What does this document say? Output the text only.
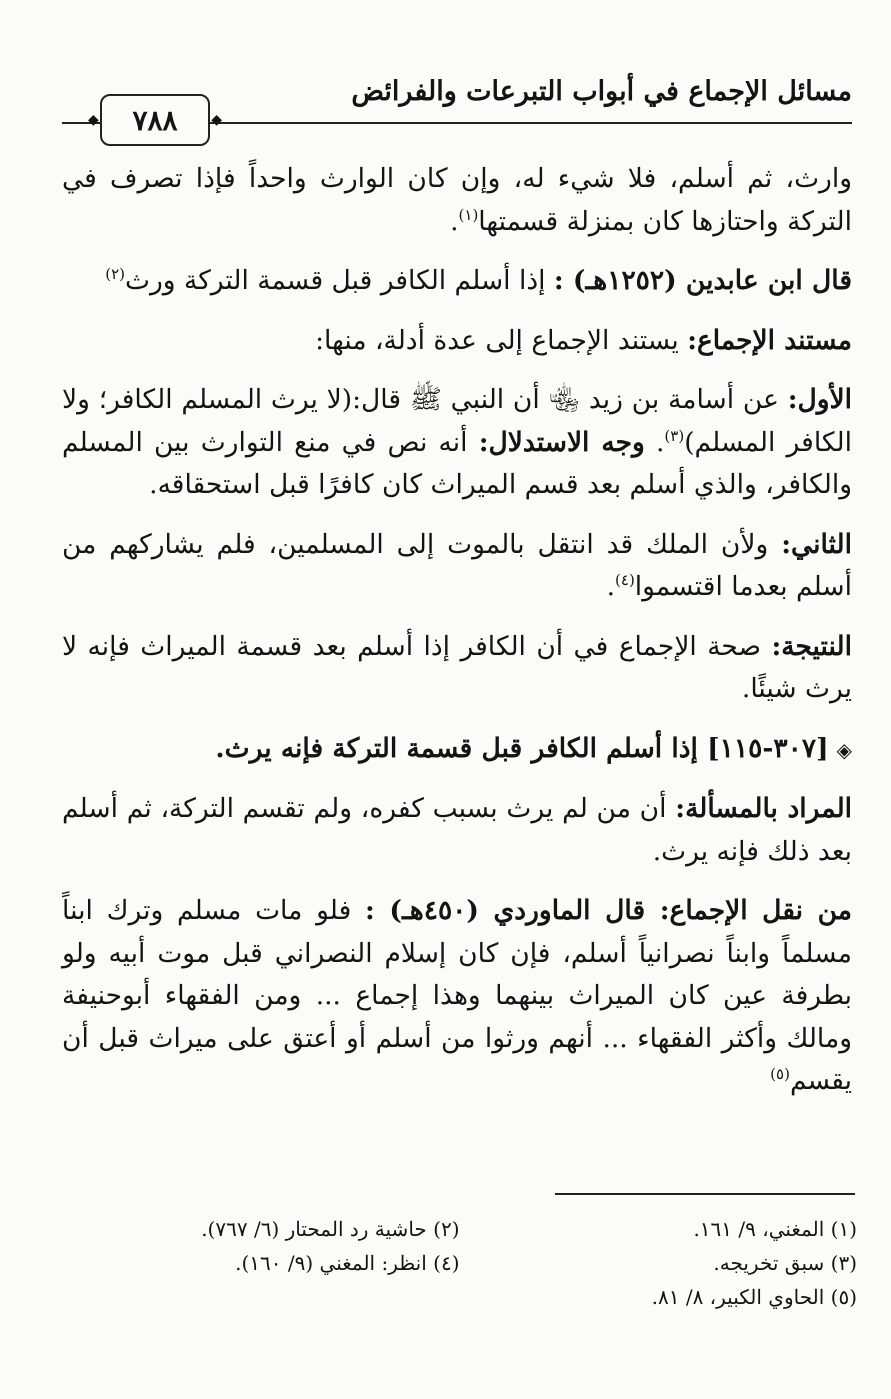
مسائل الإجماع في أبواب التبرعات والفرائض
◆ ٧٨٨ ◆

وارث، ثم أسلم، فلا شيء له، وإن كان الوارث واحداً فإذا تصرف في التركة واحتازها كان بمنزلة قسمتها$^{(١)}$.

قال ابن عابدين (١٢٥٢هـ) : إذا أسلم الكافر قبل قسمة التركة ورث$^{(٢)}$

مستند الإجماع: يستند الإجماع إلى عدة أدلة، منها:

الأول: عن أسامة بن زيد ﵄ أن النبي ﷺ قال:(لا يرث المسلم الكافر؛ ولا الكافر المسلم)$^{(٣)}$. وجه الاستدلال: أنه نص في منع التوارث بين المسلم والكافر، والذي أسلم بعد قسم الميراث كان كافرًا قبل استحقاقه.

الثاني: ولأن الملك قد انتقل بالموت إلى المسلمين، فلم يشاركهم من أسلم بعدما اقتسموا$^{(٤)}$.

النتيجة: صحة الإجماع في أن الكافر إذا أسلم بعد قسمة الميراث فإنه لا يرث شيئًا.

◈[٣٠٧-١١٥] إذا أسلم الكافر قبل قسمة التركة فإنه يرث.

المراد بالمسألة: أن من لم يرث بسبب كفره، ولم تقسم التركة، ثم أسلم بعد ذلك فإنه يرث.

من نقل الإجماع: قال الماوردي (٤٥٠هـ) : فلو مات مسلم وترك ابناً مسلماً وابناً نصرانياً أسلم، فإن كان إسلام النصراني قبل موت أبيه ولو بطرفة عين كان الميراث بينهما وهذا إجماع ... ومن الفقهاء أبوحنيفة ومالك وأكثر الفقهاء ... أنهم ورثوا من أسلم أو أعتق على ميراث قبل أن يقسم$^{(٥)}$

(١) المغني، ٩/ ١٦١.
(٢) حاشية رد المحتار (٦/ ٧٦٧).
(٣) سبق تخريجه.
(٤) انظر: المغني (٩/ ١٦٠).
(٥) الحاوي الكبير، ٨/ ٨١.
